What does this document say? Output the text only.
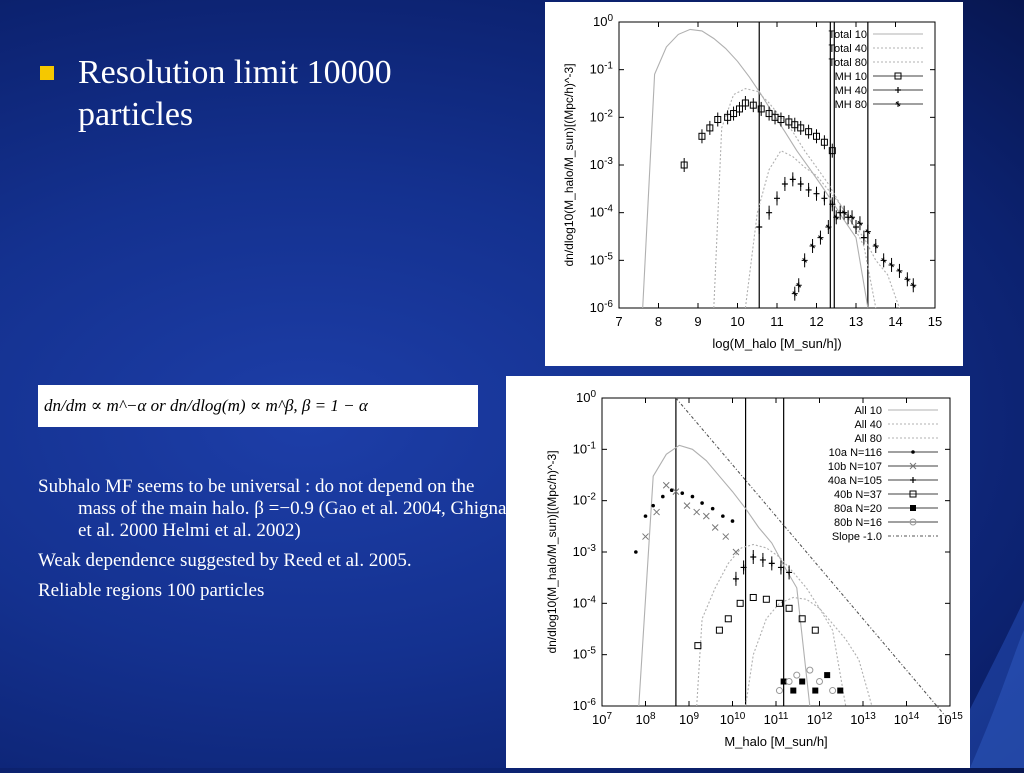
Resolution limit 10000 particles
dn/dm ∝ m^−α or dn/dlog(m) ∝ m^β, β = 1 − α

Subhalo MF seems to be universal : do not depend on the mass of the main halo. β =−0.9 (Gao et al. 2004, Ghigna et al. 2000 Helmi et al. 2002)

Weak dependence suggested by Reed et al. 2005.

Reliable regions 100 particles

7 8 9 10 11 12 13 14 15
$10^0$
$10^{-1}$
$10^{-2}$
$10^{-3}$
$10^{-4}$
$10^{-5}$
$10^{-6}$
log(M_halo [M_sun/h])
dn/dlog10(M_halo/M_sun)[(Mpc/h)^-3]
Total 10
Total 40
Total 80
MH 10
MH 40
MH 80
$10^7$ $10^8$ $10^9$ $10^{10}$ $10^{11}$ $10^{12}$ $10^{13}$ $10^{14}$ $10^{15}$
$10^0$
$10^{-1}$
$10^{-2}$
$10^{-3}$
$10^{-4}$
$10^{-5}$
$10^{-6}$
M_halo [M_sun/h]
dn/dlog10(M_halo/M_sun)[(Mpc/h)^-3]
All 10
All 40
All 80
10a N=116
10b N=107
40a N=105
40b N=37
80a N=20
80b N=16
Slope -1.0
